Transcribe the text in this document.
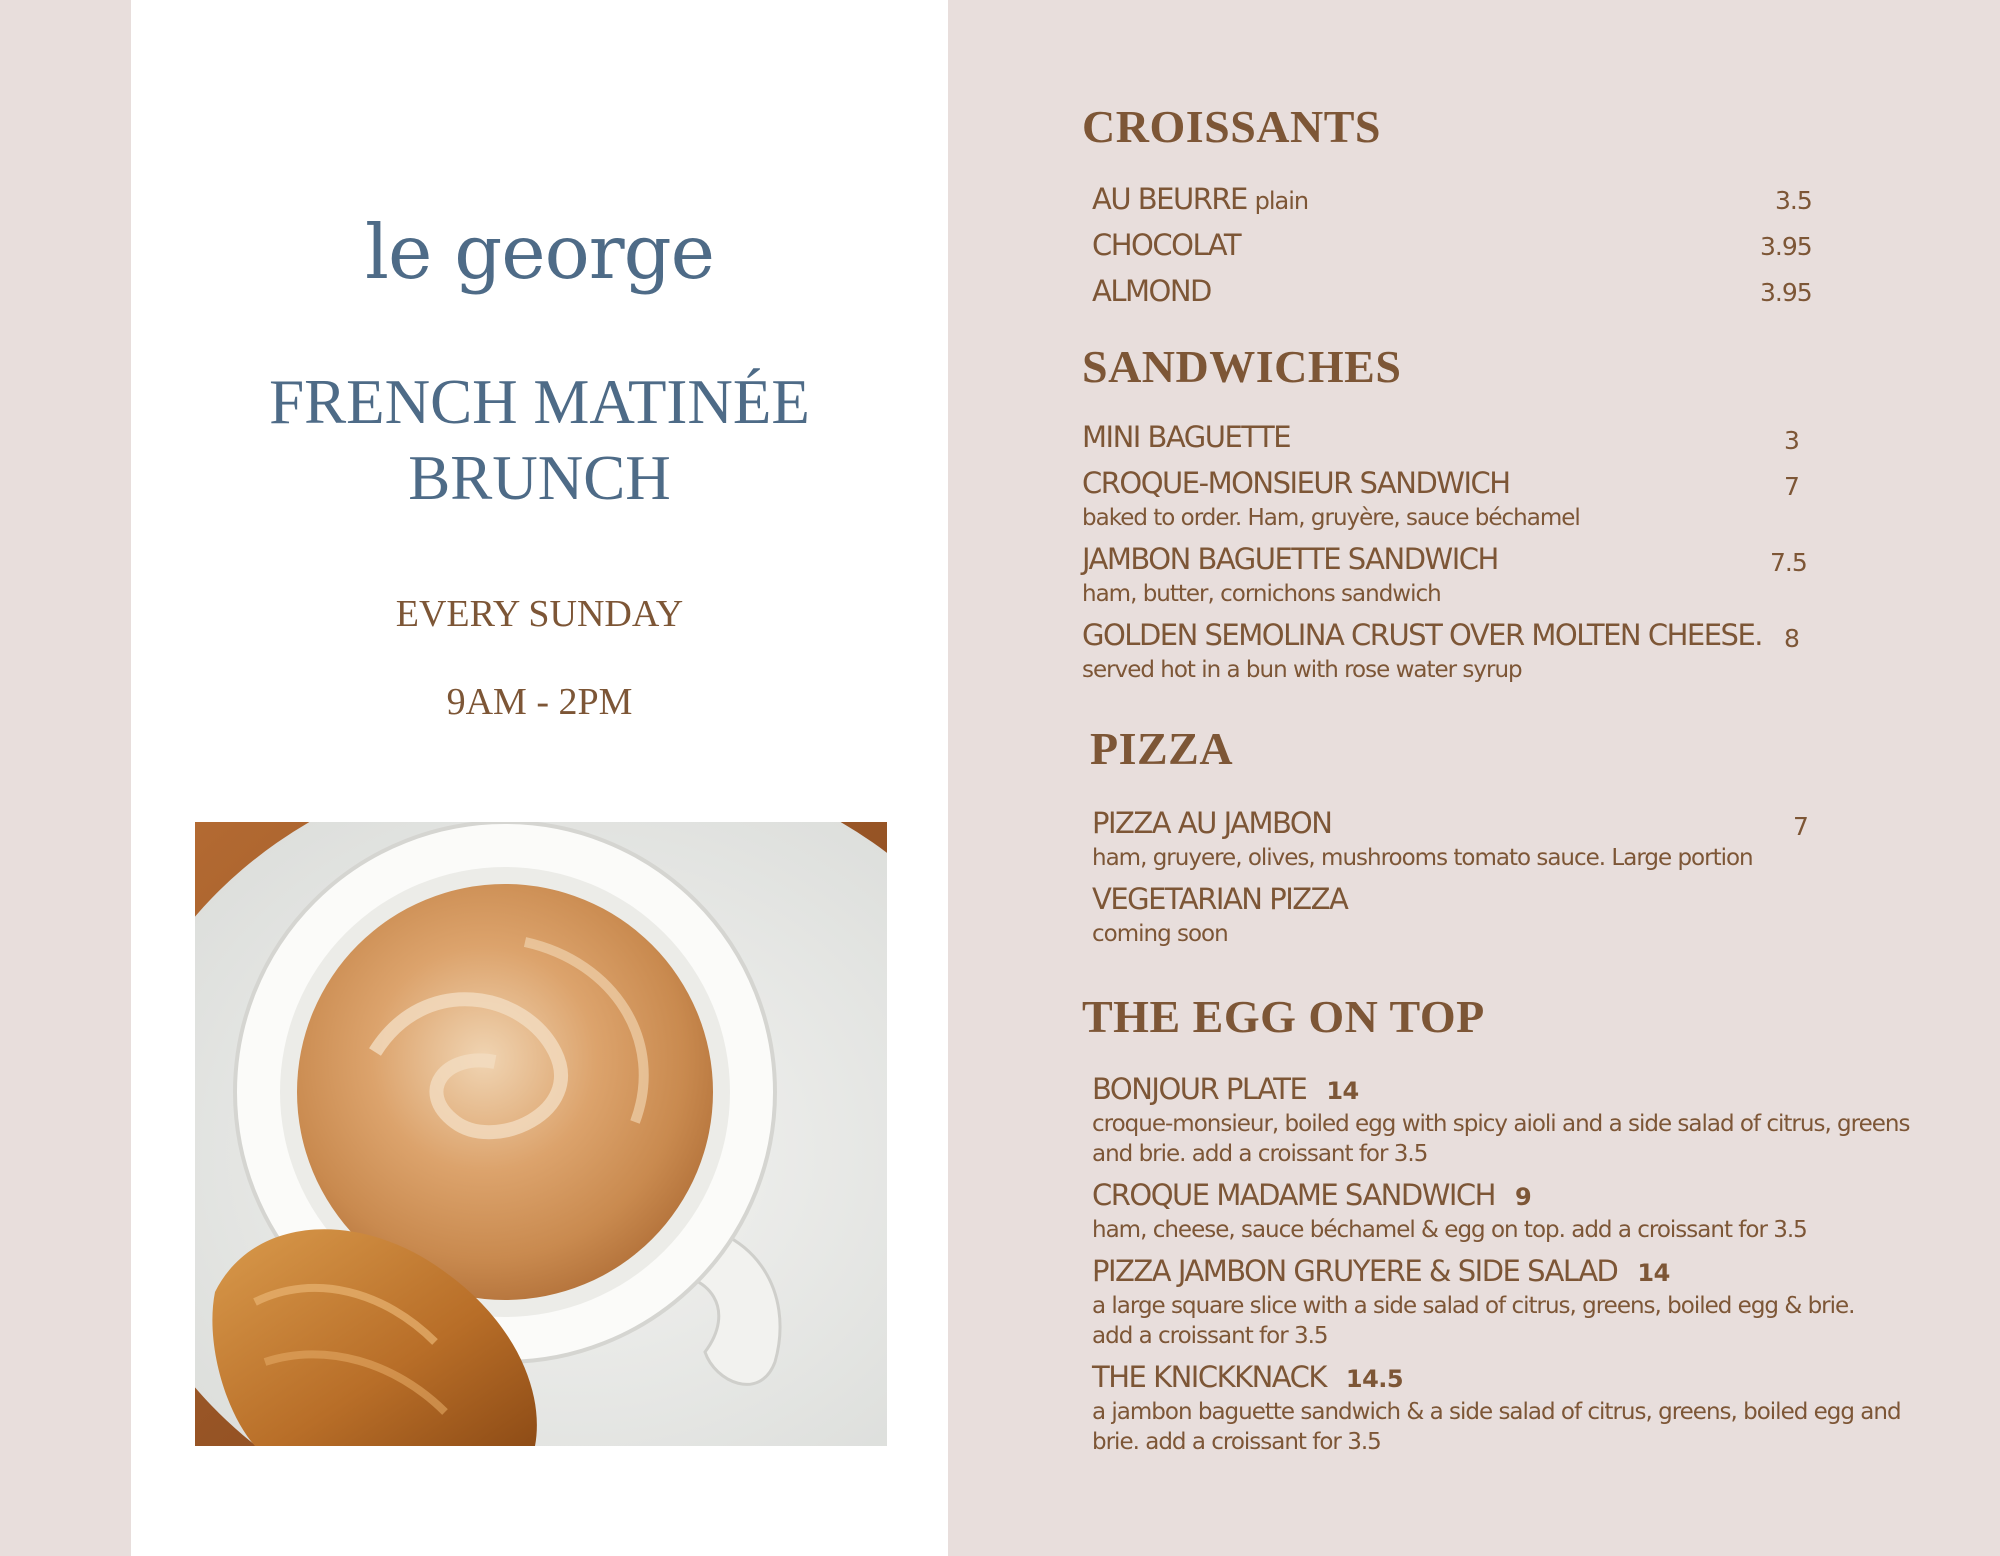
le george
FRENCH MATINÉE
BRUNCH
EVERY SUNDAY
9AM - 2PM
CROISSANTS
AU BEURRE plain	3.5
CHOCOLAT	3.95
ALMOND	3.95
SANDWICHES
MINI BAGUETTE	3
CROQUE-MONSIEUR SANDWICH	7
baked to order. Ham, gruyère, sauce béchamel
JAMBON BAGUETTE SANDWICH	7.5
ham, butter, cornichons sandwich
GOLDEN SEMOLINA CRUST OVER MOLTEN CHEESE. 8
served hot in a bun with rose water syrup
PIZZA
PIZZA AU JAMBON	7
ham, gruyere, olives, mushrooms tomato sauce. Large portion
VEGETARIAN PIZZA
coming soon
THE EGG ON TOP
BONJOUR PLATE 14
croque-monsieur, boiled egg with spicy aioli and a side salad of citrus, greens
and brie. add a croissant for 3.5
CROQUE MADAME SANDWICH 9
ham, cheese, sauce béchamel & egg on top. add a croissant for 3.5
PIZZA JAMBON GRUYERE & SIDE SALAD 14
a large square slice with a side salad of citrus, greens, boiled egg & brie.
add a croissant for 3.5
THE KNICKKNACK 14.5
a jambon baguette sandwich & a side salad of citrus, greens, boiled egg and
brie. add a croissant for 3.5
